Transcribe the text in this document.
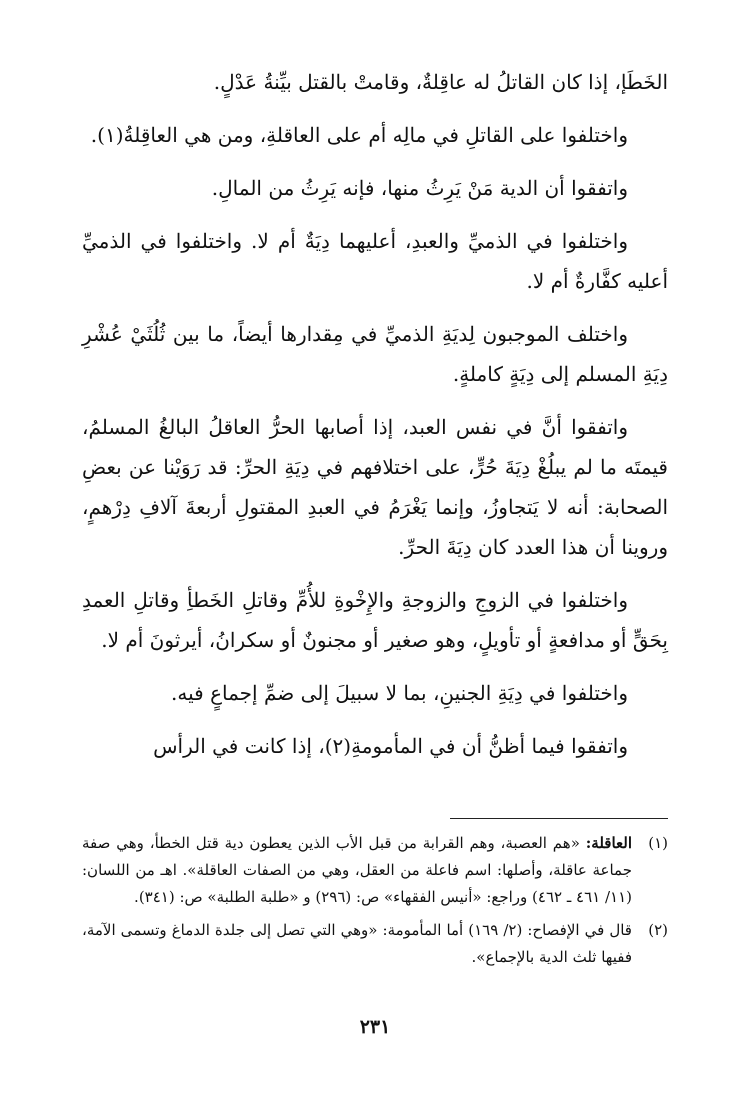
الخَطَإ، إذا كان القاتلُ له عاقِلةٌ، وقامتْ بالقتل بيِّنةُ عَدْلٍ.

واختلفوا على القاتلِ في مالِه أم على العاقلةِ، ومن هي العاقِلةُ(١).

واتفقوا أن الدية مَنْ يَرِثُ منها، فإنه يَرِثُ من المالِ.

واختلفوا في الذميِّ والعبدِ، أعليهما دِيَةٌ أم لا. واختلفوا في الذميِّ أعليه كفَّارةٌ أم لا.

واختلف الموجبون لِديَةِ الذميِّ في مِقدارها أيضاً، ما بين ثُلُثَيْ عُشْرِ دِيَةِ المسلم إلى دِيَةٍ كاملةٍ.

واتفقوا أنَّ في نفس العبد، إذا أصابها الحرُّ العاقلُ البالغُ المسلمُ، قيمتَه ما لم يبلُغْ دِيَةَ حُرٍّ، على اختلافهم في دِيَةِ الحرِّ: قد رَوَيْنا عن بعضِ الصحابة: أنه لا يَتجاوزُ، وإنما يَغْرَمُ في العبدِ المقتولِ أربعةَ آلافِ دِرْهمٍ، وروينا أن هذا العدد كان دِيَةَ الحرِّ.

واختلفوا في الزوجِ والزوجةِ والإِخْوةِ للأُمِّ وقاتلِ الخَطأِ وقاتلِ العمدِ بِحَقٍّ أو مدافعةٍ أو تأويلٍ، وهو صغير أو مجنونٌ أو سكرانُ، أيرثونَ أم لا.

واختلفوا في دِيَةِ الجنينِ، بما لا سبيلَ إلى ضمِّ إجماعٍ فيه.

واتفقوا فيما أظنُّ أن في المأمومةِ(٢)، إذا كانت في الرأس

(١)
العاقلة: «هم العصبة، وهم القرابة من قبل الأب الذين يعطون دية قتل الخطأ، وهي صفة جماعة عاقلة، وأصلها: اسم فاعلة من العقل، وهي من الصفات العاقلة». اهـ من اللسان: (١١/ ٤٦١ ـ ٤٦٢) وراجع: «أنيس الفقهاء» ص: (٢٩٦) و «طلبة الطلبة» ص: (٣٤١).
(٢)
قال في الإفصاح: (٢/ ١٦٩) أما المأمومة: «وهي التي تصل إلى جلدة الدماغ وتسمى الآمة، ففيها ثلث الدية بالإجماع».
٢٣١
